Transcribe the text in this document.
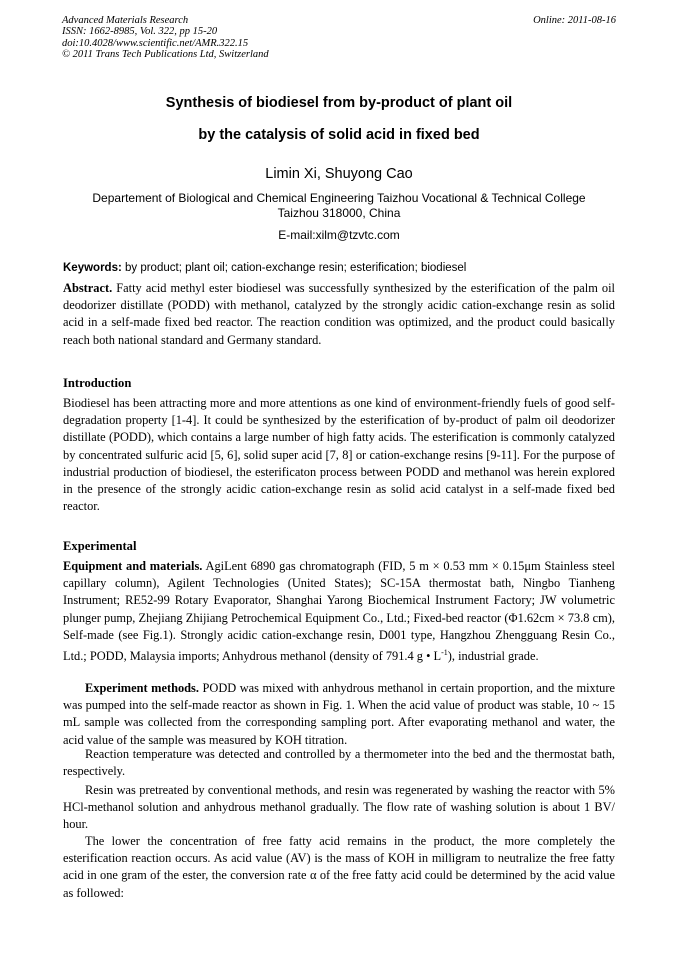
Advanced Materials Research
ISSN: 1662-8985, Vol. 322, pp 15-20
doi:10.4028/www.scientific.net/AMR.322.15
© 2011 Trans Tech Publications Ltd, Switzerland
Online: 2011-08-16
Synthesis of biodiesel from by-product of plant oil
by the catalysis of solid acid in fixed bed
Limin Xi, Shuyong Cao
Departement of Biological and Chemical Engineering Taizhou Vocational & Technical College
Taizhou 318000, China
E-mail:xilm@tzvtc.com
Keywords: by product; plant oil; cation-exchange resin; esterification; biodiesel
Abstract. Fatty acid methyl ester biodiesel was successfully synthesized by the esterification of the palm oil deodorizer distillate (PODD) with methanol, catalyzed by the strongly acidic cation-exchange resin as solid acid in a self-made fixed bed reactor. The reaction condition was optimized, and the product could basically reach both national standard and Germany standard.
Introduction
Biodiesel has been attracting more and more attentions as one kind of environment-friendly fuels of good self-degradation property [1-4]. It could be synthesized by the esterification of by-product of palm oil deodorizer distillate (PODD), which contains a large number of high fatty acids. The esterification is commonly catalyzed by concentrated sulfuric acid [5, 6], solid super acid [7, 8] or cation-exchange resins [9-11]. For the purpose of industrial production of biodiesel, the esterificaton process between PODD and methanol was herein explored in the presence of the strongly acidic cation-exchange resin as solid acid catalyst in a self-made fixed bed reactor.
Experimental
Equipment and materials. AgiLent 6890 gas chromatograph (FID, 5 m × 0.53 mm × 0.15μm Stainless steel capillary column), Agilent Technologies (United States); SC-15A thermostat bath, Ningbo Tianheng Instrument; RE52-99 Rotary Evaporator, Shanghai Yarong Biochemical Instrument Factory; JW volumetric plunger pump, Zhejiang Zhijiang Petrochemical Equipment Co., Ltd.; Fixed-bed reactor (Φ1.62cm × 73.8 cm), Self-made (see Fig.1). Strongly acidic cation-exchange resin, D001 type, Hangzhou Zhengguang Resin Co., Ltd.; PODD, Malaysia imports; Anhydrous methanol (density of 791.4 g • $L^{-1}$), industrial grade.
Experiment methods. PODD was mixed with anhydrous methanol in certain proportion, and the mixture was pumped into the self-made reactor as shown in Fig. 1. When the acid value of product was stable, 10 ~ 15 mL sample was collected from the corresponding sampling port. After evaporating methanol and water, the acid value of the sample was measured by KOH titration.
Reaction temperature was detected and controlled by a thermometer into the bed and the thermostat bath, respectively.
Resin was pretreated by conventional methods, and resin was regenerated by washing the reactor with 5% HCl-methanol solution and anhydrous methanol gradually. The flow rate of washing solution is about 1 BV/ hour.
The lower the concentration of free fatty acid remains in the product, the more completely the esterification reaction occurs. As acid value (AV) is the mass of KOH in milligram to neutralize the free fatty acid in one gram of the ester, the conversion rate α of the free fatty acid could be determined by the acid value as followed:
